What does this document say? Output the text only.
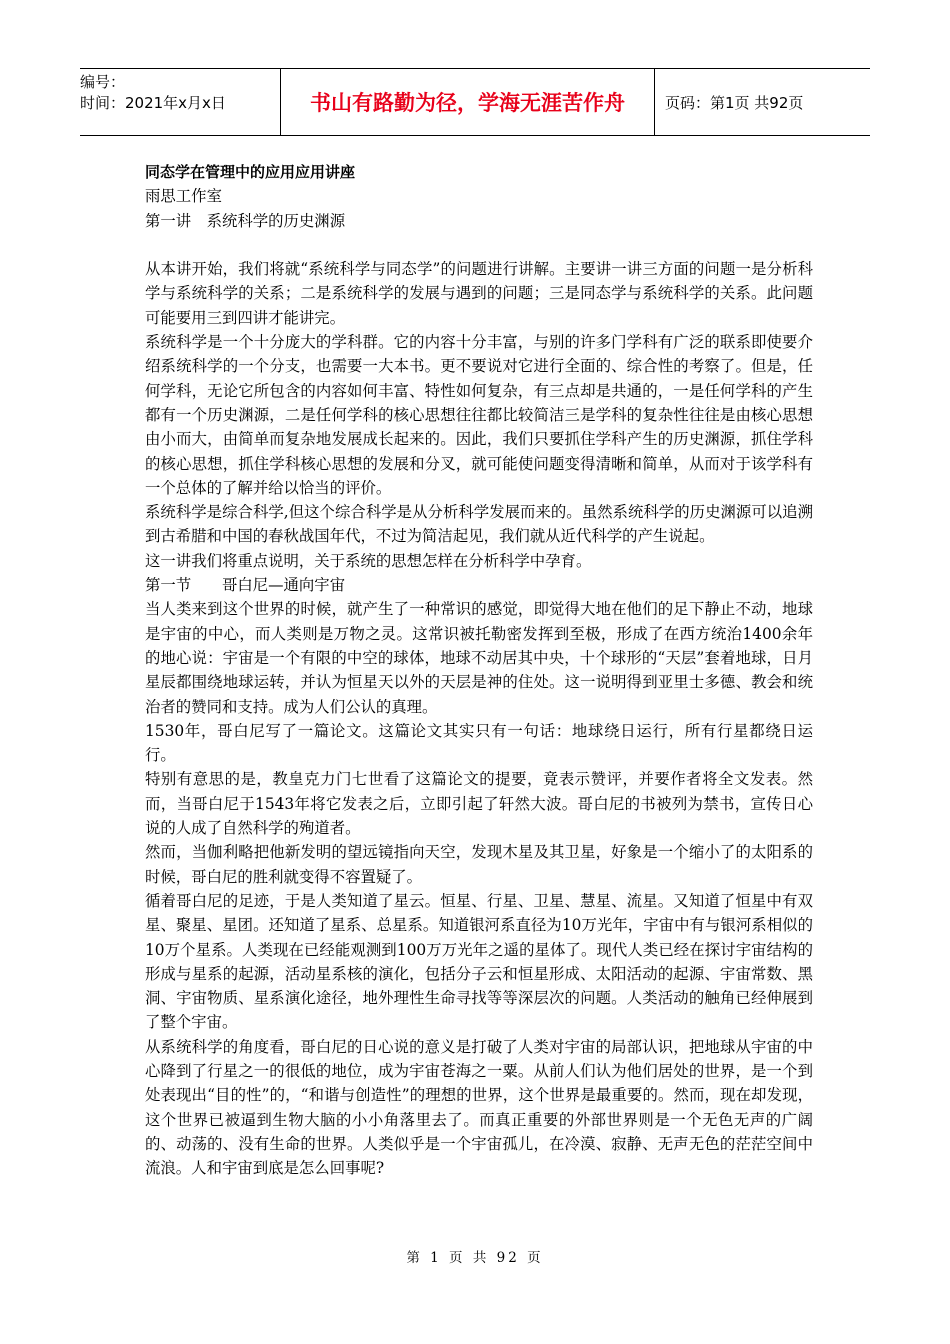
编号：
时间：2021年x月x日	书山有路勤为径，学海无涯苦作舟	页码：第1页 共92页

同态学在管理中的应用应用讲座

雨思工作室

第一讲　系统科学的历史渊源

从本讲开始，我们将就“系统科学与同态学”的问题进行讲解。主要讲一讲三方面的问题一是分析科学与系统科学的关系；二是系统科学的发展与遇到的问题；三是同态学与系统科学的关系。此问题可能要用三到四讲才能讲完。

系统科学是一个十分庞大的学科群。它的内容十分丰富，与别的许多门学科有广泛的联系即使要介绍系统科学的一个分支，也需要一大本书。更不要说对它进行全面的、综合性的考察了。但是，任何学科，无论它所包含的内容如何丰富、特性如何复杂，有三点却是共通的，一是任何学科的产生都有一个历史渊源，二是任何学科的核心思想往往都比较简洁三是学科的复杂性往往是由核心思想由小而大，由简单而复杂地发展成长起来的。因此，我们只要抓住学科产生的历史渊源，抓住学科的核心思想，抓住学科核心思想的发展和分叉，就可能使问题变得清晰和简单，从而对于该学科有一个总体的了解并给以恰当的评价。

系统科学是综合科学,但这个综合科学是从分析科学发展而来的。虽然系统科学的历史渊源可以追溯到古希腊和中国的春秋战国年代，不过为简洁起见，我们就从近代科学的产生说起。

这一讲我们将重点说明，关于系统的思想怎样在分析科学中孕育。

第一节　　哥白尼—通向宇宙

当人类来到这个世界的时候，就产生了一种常识的感觉，即觉得大地在他们的足下静止不动，地球是宇宙的中心，而人类则是万物之灵。这常识被托勒密发挥到至极，形成了在西方统治1400余年的地心说：宇宙是一个有限的中空的球体，地球不动居其中央，十个球形的“天层”套着地球，日月星辰都围绕地球运转，并认为恒星天以外的天层是神的住处。这一说明得到亚里士多德、教会和统治者的赞同和支持。成为人们公认的真理。

1530年，哥白尼写了一篇论文。这篇论文其实只有一句话：地球绕日运行，所有行星都绕日运行。

特别有意思的是，教皇克力门七世看了这篇论文的提要，竟表示赞评，并要作者将全文发表。然而，当哥白尼于1543年将它发表之后，立即引起了轩然大波。哥白尼的书被列为禁书，宣传日心说的人成了自然科学的殉道者。

然而，当伽利略把他新发明的望远镜指向天空，发现木星及其卫星，好象是一个缩小了的太阳系的时候，哥白尼的胜利就变得不容置疑了。

循着哥白尼的足迹，于是人类知道了星云。恒星、行星、卫星、慧星、流星。又知道了恒星中有双星、聚星、星团。还知道了星系、总星系。知道银河系直径为10万光年，宇宙中有与银河系相似的10万个星系。人类现在已经能观测到100万万光年之遥的星体了。现代人类已经在探讨宇宙结构的形成与星系的起源，活动星系核的演化，包括分子云和恒星形成、太阳活动的起源、宇宙常数、黑洞、宇宙物质、星系演化途径，地外理性生命寻找等等深层次的问题。人类活动的触角已经伸展到了整个宇宙。

从系统科学的角度看，哥白尼的日心说的意义是打破了人类对宇宙的局部认识，把地球从宇宙的中心降到了行星之一的很低的地位，成为宇宙苍海之一粟。从前人们认为他们居处的世界，是一个到处表现出“目的性”的，“和谐与创造性”的理想的世界，这个世界是最重要的。然而，现在却发现，这个世界已被逼到生物大脑的小小角落里去了。而真正重要的外部世界则是一个无色无声的广阔的、动荡的、没有生命的世界。人类似乎是一个宇宙孤儿，在冷漠、寂静、无声无色的茫茫空间中流浪。人和宇宙到底是怎么回事呢?

第 1 页 共 92 页
